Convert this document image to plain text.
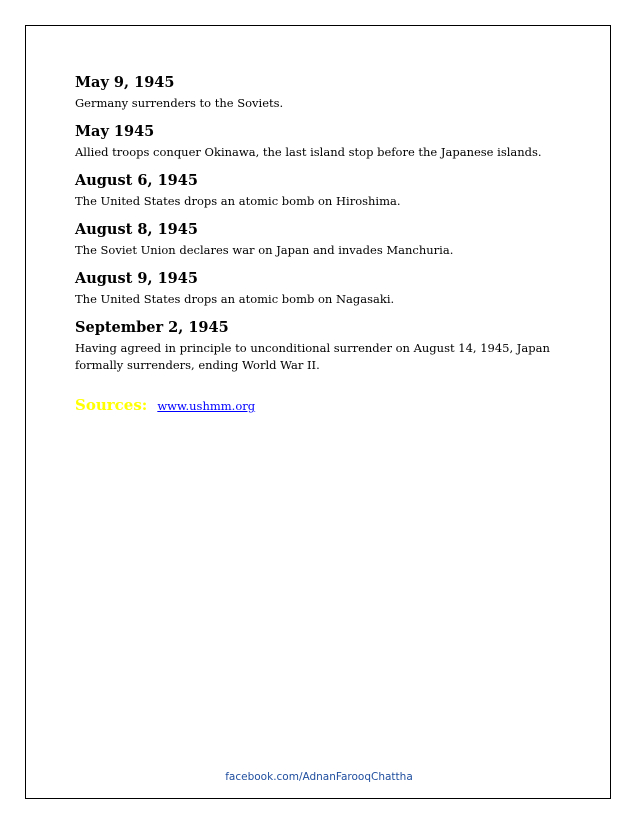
May 9, 1945

Germany surrenders to the Soviets.

May 1945

Allied troops conquer Okinawa, the last island stop before the Japanese islands.

August 6, 1945

The United States drops an atomic bomb on Hiroshima.

August 8, 1945

The Soviet Union declares war on Japan and invades Manchuria.

August 9, 1945

The United States drops an atomic bomb on Nagasaki.

September 2, 1945

Having agreed in principle to unconditional surrender on August 14, 1945, Japan formally surrenders, ending World War II.

Sources: www.ushmm.org
facebook.com/AdnanFarooqChattha
